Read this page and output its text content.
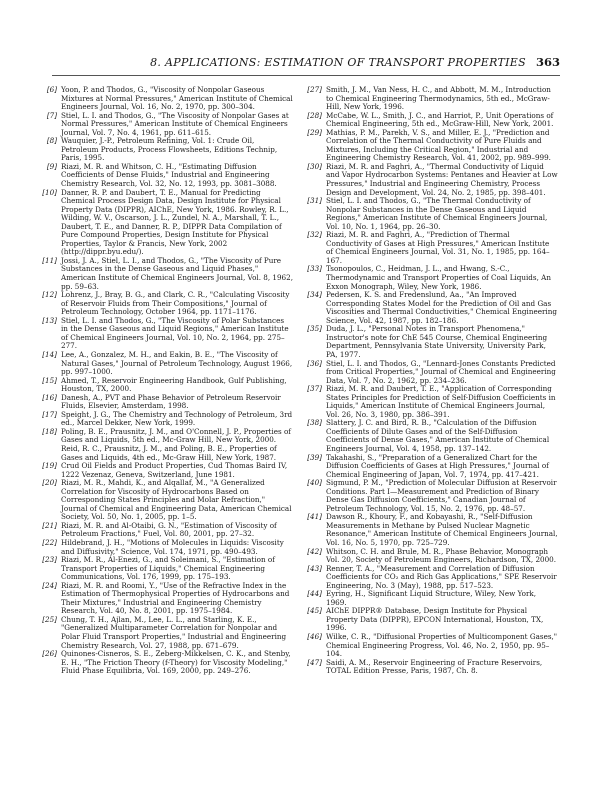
8. APPLICATIONS: ESTIMATION OF TRANSPORT PROPERTIES 363
[6] Yoon, P. and Thodos, G., "Viscosity of Nonpolar Gaseous Mixtures at Normal Pressures," American Institute of Chemical Engineers Journal, Vol. 16, No. 2, 1970, pp. 300–304.
[7] Stiel, L. I. and Thodos, G., "The Viscosity of Nonpolar Gases at Normal Pressures," American Institute of Chemical Engineers Journal, Vol. 7, No. 4, 1961, pp. 611–615.
[8] Wauquier, J.-P., Petroleum Refining, Vol. 1: Crude Oil, Petroleum Products, Process Flowsheets, Editions Technip, Paris, 1995.
[9] Riazi, M. R. and Whitson, C. H., "Estimating Diffusion Coefficients of Dense Fluids," Industrial and Engineering Chemistry Research, Vol. 32, No. 12, 1993, pp. 3081–3088.
[10] Danner, R. P. and Daubert, T. E., Manual for Predicting Chemical Process Design Data, Design Institute for Physical Property Data (DIPPR), AIChE, New York, 1986. Rowley, R. L., Wilding, W. V., Oscarson, J. L., Zundel, N. A., Marshall, T. L., Daubert, T. E., and Danner, R. P., DIPPR Data Compilation of Pure Compound Properties, Design Institute for Physical Properties, Taylor & Francis, New York, 2002 (http://dippr.byu.edu/).
[11] Jossi, J. A., Stiel, L. I., and Thodos, G., "The Viscosity of Pure Substances in the Dense Gaseous and Liquid Phases," American Institute of Chemical Engineers Journal, Vol. 8, 1962, pp. 59–63.
[12] Lohrenz, J., Bray, B. G., and Clark, C. R., "Calculating Viscosity of Reservoir Fluids from Their Compositions," Journal of Petroleum Technology, October 1964, pp. 1171–1176.
[13] Stiel, L. I. and Thodos, G., "The Viscosity of Polar Substances in the Dense Gaseous and Liquid Regions," American Institute of Chemical Engineers Journal, Vol. 10, No. 2, 1964, pp. 275–277.
[14] Lee, A., Gonzalez, M. H., and Eakin, B. E., "The Viscosity of Natural Gases," Journal of Petroleum Technology, August 1966, pp. 997–1000.
[15] Ahmed, T., Reservoir Engineering Handbook, Gulf Publishing, Houston, TX, 2000.
[16] Danesh, A., PVT and Phase Behavior of Petroleum Reservoir Fluids, Elsevier, Amsterdam, 1998.
[17] Speight, J. G., The Chemistry and Technology of Petroleum, 3rd ed., Marcel Dekker, New York, 1999.
[18] Poling, B. E., Prausnitz, J. M., and O'Connell, J. P., Properties of Gases and Liquids, 5th ed., Mc-Graw Hill, New York, 2000. Reid, R. C., Prausnitz, J. M., and Poling, B. E., Properties of Gases and Liquids, 4th ed., Mc-Graw Hill, New York, 1987.
[19] Crud Oil Fields and Product Properties, Cud Thomas Baird IV, 1222 Vezenaz, Geneva, Switzerland, June 1981.
[20] Riazi, M. R., Mahdi, K., and Alqallaf, M., "A Generalized Correlation for Viscosity of Hydrocarbons Based on Corresponding States Principles and Molar Refraction," Journal of Chemical and Engineering Data, American Chemical Society, Vol. 50, No. 1, 2005, pp. 1–5.
[21] Riazi, M. R. and Al-Otaibi, G. N., "Estimation of Viscosity of Petroleum Fractions," Fuel, Vol. 80, 2001, pp. 27–32.
[22] Hildebrand, J. H., "Motions of Molecules in Liquids: Viscosity and Diffusivity," Science, Vol. 174, 1971, pp. 490–493.
[23] Riazi, M. R., Al-Enezi, G., and Soleimani, S., "Estimation of Transport Properties of Liquids," Chemical Engineering Communications, Vol. 176, 1999, pp. 175–193.
[24] Riazi, M. R. and Roomi, Y., "Use of the Refractive Index in the Estimation of Thermophysical Properties of Hydrocarbons and Their Mixtures," Industrial and Engineering Chemistry Research, Vol. 40, No. 8, 2001, pp. 1975–1984.
[25] Chung, T. H., Ajlan, M., Lee, L. L., and Starling, K. E., "Generalized Multiparameter Correlation for Nonpolar and Polar Fluid Transport Properties," Industrial and Engineering Chemistry Research, Vol. 27, 1988, pp. 671–679.
[26] Quinones-Cisneros, S. E., Zeberg-Mikkelsen, C. K., and Stenby, E. H., "The Friction Theory (f-Theory) for Viscosity Modeling," Fluid Phase Equilibria, Vol. 169, 2000, pp. 249–276.
[27] Smith, J. M., Van Ness, H. C., and Abbott, M. M., Introduction to Chemical Engineering Thermodynamics, 5th ed., McGraw-Hill, New York, 1996.
[28] McCabe, W. L., Smith, J. C., and Harriot, P., Unit Operations of Chemical Engineering, 5th ed., McGraw-Hill, New York, 2001.
[29] Mathias, P. M., Parekh, V. S., and Miller, E. J., "Prediction and Correlation of the Thermal Conductivity of Pure Fluids and Mixtures, Including the Critical Region," Industrial and Engineering Chemistry Research, Vol. 41, 2002, pp. 989–999.
[30] Riazi, M. R. and Faghri, A., "Thermal Conductivity of Liquid and Vapor Hydrocarbon Systems: Pentanes and Heavier at Low Pressures," Industrial and Engineering Chemistry, Process Design and Development, Vol. 24, No. 2, 1985, pp. 398–401.
[31] Stiel, L. I. and Thodos, G., "The Thermal Conductivity of Nonpolar Substances in the Dense Gaseous and Liquid Regions," American Institute of Chemical Engineers Journal, Vol. 10, No. 1, 1964, pp. 26–30.
[32] Riazi, M. R. and Faghri, A., "Prediction of Thermal Conductivity of Gases at High Pressures," American Institute of Chemical Engineers Journal, Vol. 31, No. 1, 1985, pp. 164–167.
[33] Tsonopoulos, C., Heidman, J. L., and Hwang, S.-C., Thermodynamic and Transport Properties of Coal Liquids, An Exxon Monograph, Wiley, New York, 1986.
[34] Pedersen, K. S. and Fredenslund, Aa., "An Improved Corresponding States Model for the Prediction of Oil and Gas Viscosities and Thermal Conductivities," Chemical Engineering Science, Vol. 42, 1987, pp. 182–186.
[35] Duda, J. L., "Personal Notes in Transport Phenomena," Instructor's note for ChE 545 Course, Chemical Engineering Department, Pennsylvania State University, University Park, PA, 1977.
[36] Stiel, L. I. and Thodos, G., "Lennard-Jones Constants Predicted from Critical Properties," Journal of Chemical and Engineering Data, Vol. 7, No. 2, 1962, pp. 234–236.
[37] Riazi, M. R. and Daubert, T. E., "Application of Corresponding States Principles for Prediction of Self-Diffusion Coefficients in Liquids," American Institute of Chemical Engineers Journal, Vol. 26, No. 3, 1980, pp. 386–391.
[38] Slattery, J. C. and Bird, R. B., "Calculation of the Diffusion Coefficients of Dilute Gases and of the Self-Diffusion Coefficients of Dense Gases," American Institute of Chemical Engineers Journal, Vol. 4, 1958, pp. 137–142.
[39] Takahashi, S., "Preparation of a Generalized Chart for the Diffusion Coefficients of Gases at High Pressures," Journal of Chemical Engineering of Japan, Vol. 7, 1974, pp. 417–421.
[40] Sigmund, P. M., "Prediction of Molecular Diffusion at Reservoir Conditions. Part I—Measurement and Prediction of Binary Dense Gas Diffusion Coefficients," Canadian Journal of Petroleum Technology, Vol. 15, No. 2, 1976, pp. 48–57.
[41] Dawson R., Khoury, F., and Kobayashi, R., "Self-Diffusion Measurements in Methane by Pulsed Nuclear Magnetic Resonance," American Institute of Chemical Engineers Journal, Vol. 16, No. 5, 1970, pp. 725–729.
[42] Whitson, C. H. and Brule, M. R., Phase Behavior, Monograph Vol. 20, Society of Petroleum Engineers, Richardson, TX, 2000.
[43] Renner, T. A., "Measurement and Correlation of Diffusion Coefficients for CO₂ and Rich Gas Applications," SPE Reservoir Engineering, No. 3 (May), 1988, pp. 517–523.
[44] Eyring, H., Significant Liquid Structure, Wiley, New York, 1969.
[45] AIChE DIPPR® Database, Design Institute for Physical Property Data (DIPPR), EPCON International, Houston, TX, 1996.
[46] Wilke, C. R., "Diffusional Properties of Multicomponent Gases," Chemical Engineering Progress, Vol. 46, No. 2, 1950, pp. 95–104.
[47] Saidi, A. M., Reservoir Engineering of Fracture Reservoirs, TOTAL Edition Presse, Paris, 1987, Ch. 8.
